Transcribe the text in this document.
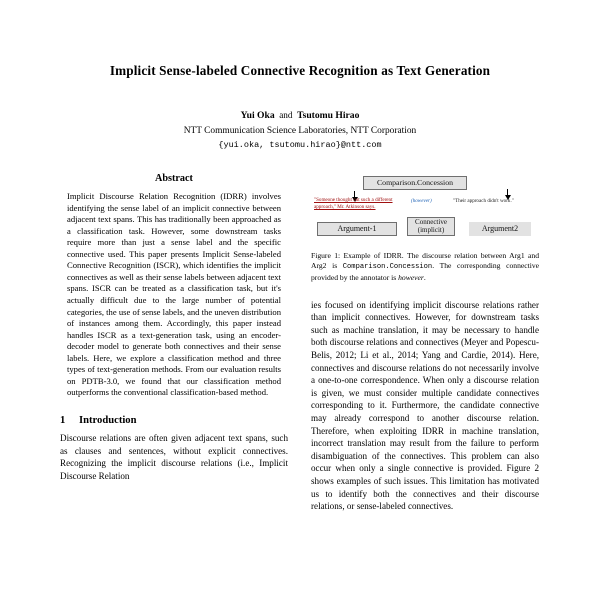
Implicit Sense-labeled Connective Recognition as Text Generation

Yui Oka and Tsutomu Hirao

NTT Communication Science Laboratories, NTT Corporation

{yui.oka, tsutomu.hirao}@ntt.com

Abstract

Implicit Discourse Relation Recognition (IDRR) involves identifying the sense label of an implicit connective between adjacent text spans. This has traditionally been approached as a classification task. However, some downstream tasks require more than just a sense label and the specific connective used. This paper presents Implicit Sense-labeled Connective Recognition (ISCR), which identifies the implicit connectives as well as their sense labels between adjacent text spans. ISCR can be treated as a classification task, but it's actually difficult due to the large number of potential categories, the use of sense labels, and the uneven distribution of instances among them. Accordingly, this paper instead handles ISCR as a text-generation task, using an encoder-decoder model to generate both connectives and their sense labels. Here, we explore a classification method and three types of text-generation methods. From our evaluation results on PDTB-3.0, we found that our classification method outperforms the conventional classification-based method.

1	Introduction

Discourse relations are often given adjacent text spans, such as clauses and sentences, without explicit connectives. Recognizing the implicit discourse relations (i.e., Implicit Discourse Relation

Comparison.Concession
"Someone thought out such a different approach," Mr. Atkinson says.
(however)	"Their approach didn't work."
Argument-1
Connective
(implicit)	Argument2

Figure 1: Example of IDRR. The discourse relation between Arg1 and Arg2 is Comparison.Concession. The corresponding connective provided by the annotator is however.

ies focused on identifying implicit discourse relations rather than implicit connectives. However, for downstream tasks such as machine translation, it may be necessary to handle both discourse relations and connectives (Meyer and Popescu-Belis, 2012; Li et al., 2014; Yang and Cardie, 2014). Here, connectives and discourse relations do not necessarily involve a one-to-one correspondence. When only a discourse relation is given, we must consider multiple candidate connectives corresponding to it. Furthermore, the candidate connective may already correspond to another discourse relation. Therefore, when exploiting IDRR in machine translation, incorrect translation may result from the failure to perform disambiguation of the connectives. This problem can also occur when only a single connective is provided. Figure 2 shows examples of such issues. This limitation has motivated us to identify both the connectives and their discourse relations, or sense-labeled connectives.
